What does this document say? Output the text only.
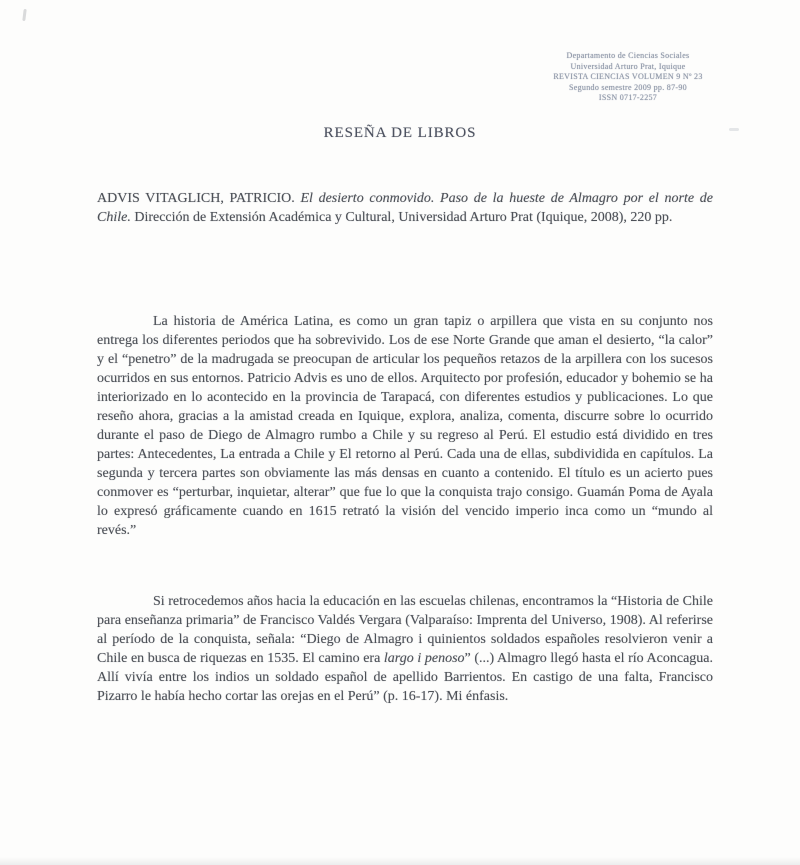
Departamento de Ciencias Sociales
Universidad Arturo Prat, Iquique
REVISTA CIENCIAS VOLUMEN 9 Nº 23
Segundo semestre 2009 pp. 87-90
ISSN 0717-2257
RESEÑA DE LIBROS
ADVIS VITAGLICH, PATRICIO. El desierto conmovido. Paso de la hueste de Almagro por el norte de Chile. Dirección de Extensión Académica y Cultural, Universidad Arturo Prat (Iquique, 2008), 220 pp.
La historia de América Latina, es como un gran tapiz o arpillera que vista en su conjunto nos entrega los diferentes periodos que ha sobrevivido. Los de ese Norte Grande que aman el desierto, “la calor” y el “penetro” de la madrugada se preocupan de articular los pequeños retazos de la arpillera con los sucesos ocurridos en sus entornos. Patricio Advis es uno de ellos. Arquitecto por profesión, educador y bohemio se ha interiorizado en lo acontecido en la provincia de Tarapacá, con diferentes estudios y publicaciones. Lo que reseño ahora, gracias a la amistad creada en Iquique, explora, analiza, comenta, discurre sobre lo ocurrido durante el paso de Diego de Almagro rumbo a Chile y su regreso al Perú. El estudio está dividido en tres partes: Antecedentes, La entrada a Chile y El retorno al Perú. Cada una de ellas, subdividida en capítulos. La segunda y tercera partes son obviamente las más densas en cuanto a contenido. El título es un acierto pues conmover es “perturbar, inquietar, alterar” que fue lo que la conquista trajo consigo. Guamán Poma de Ayala lo expresó gráficamente cuando en 1615 retrató la visión del vencido imperio inca como un “mundo al revés.”
Si retrocedemos años hacia la educación en las escuelas chilenas, encontramos la “Historia de Chile para enseñanza primaria” de Francisco Valdés Vergara (Valparaíso: Imprenta del Universo, 1908). Al referirse al período de la conquista, señala: “Diego de Almagro i quinientos soldados españoles resolvieron venir a Chile en busca de riquezas en 1535. El camino era largo i penoso” (...) Almagro llegó hasta el río Aconcagua. Allí vivía entre los indios un soldado español de apellido Barrientos. En castigo de una falta, Francisco Pizarro le había hecho cortar las orejas en el Perú” (p. 16-17). Mi énfasis.
